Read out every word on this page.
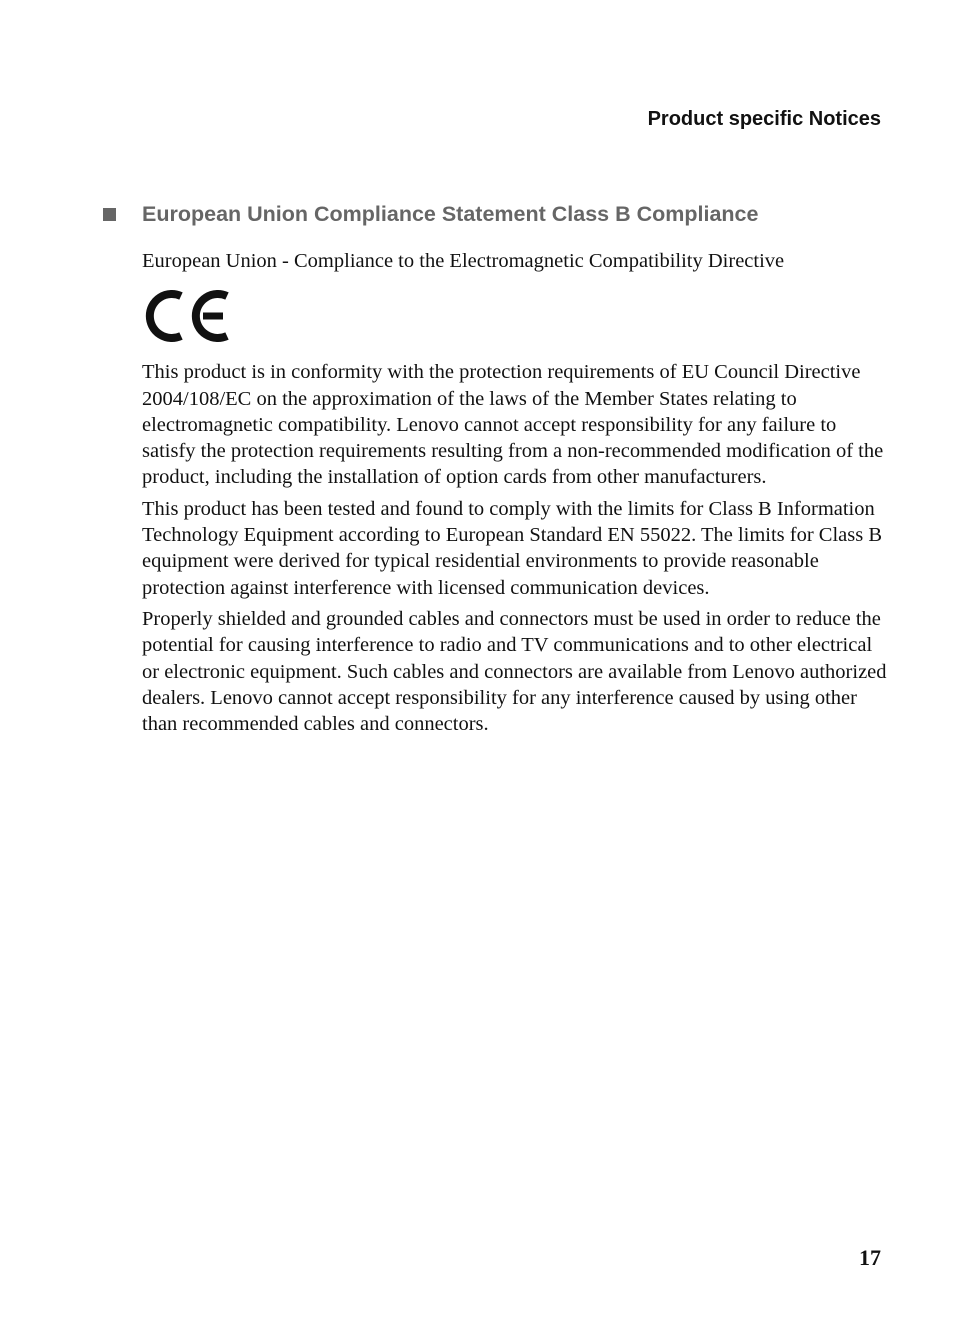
Product specific Notices
European Union Compliance Statement Class B Compliance

European Union - Compliance to the Electromagnetic Compatibility Directive

This product is in conformity with the protection requirements of EU Council Directive 2004/108/EC on the approximation of the laws of the Member States relating to electromagnetic compatibility. Lenovo cannot accept responsibility for any failure to satisfy the protection requirements resulting from a non-recommended modification of the product, including the installation of option cards from other manufacturers.

This product has been tested and found to comply with the limits for Class B Information Technology Equipment according to European Standard EN 55022. The limits for Class B equipment were derived for typical residential environments to provide reasonable protection against interference with licensed communication devices.

Properly shielded and grounded cables and connectors must be used in order to reduce the potential for causing interference to radio and TV communications and to other electrical or electronic equipment. Such cables and connectors are available from Lenovo authorized dealers. Lenovo cannot accept responsibility for any interference caused by using other than recommended cables and connectors.

17
